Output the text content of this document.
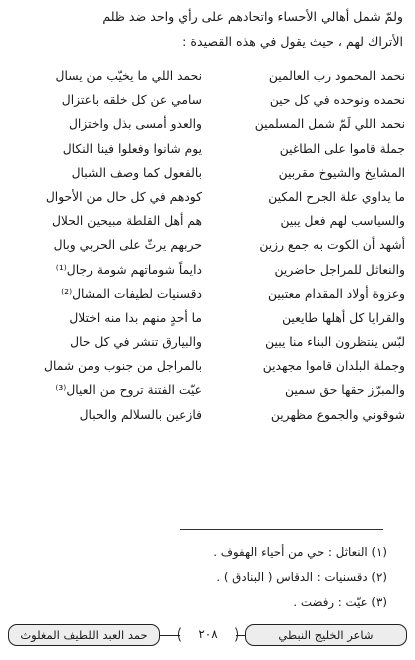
ولمّ شمل أهالي الأحساء واتحادهم على رأي واحد ضد ظلم
الأتراك لهم ، حيث يقول في هذه القصيدة :
نحمد المحمود رب العالمين
نحمد اللي ما يخيّب من يسال
نحمده ونوحده في كل حين
سامي عن كل خلقه باعتزال
نحمد اللي لَمّ شمل المسلمين
والعدو أمسى بذل واختزال
جملة قاموا على الطاغين
يوم شانوا وفعلوا فينا النكال
المشايخ والشيوخ مقربين
بالفعول كما وصف الشبال
ما يداوي علة الجرح المكين
كودهم في كل حال من الأحوال
والسياسب لهم فعل يبين
هم أهل القلطة مبيحين الحلال
أشهد أن الكوت به جمع رزين
حربهم يرثّ على الحربي وبال
والنعاثل للمراجل حاضرين
دايماً شوماتهم شومة رجال⁽¹⁾
وعزوة أولاد المقدام معتبين
دقسنيات لطيفات المشال⁽²⁾
والقرايا كل أهلها طايعين
ما أحدٍ منهم بدا منه اختلال
لبّس ينتظرون البناء منا يبين
والبيارق تنشر في كل حال
وجملة البلدان قاموا مجهدين
بالمراجل من جنوب ومن شمال
والمبرّز حقها حق سمين
عيّت الفتنة تروح من العيال⁽³⁾
شوقوني والجموع مظهرين
فازعين بالسلالم والحبال
(١) النعاثل : حي من أحياء الهفوف .
(٢) دقسنيات : الدقاس ( البنادق ) .
(٣) عيّت : رفضت .
شاعر الخليج النبطي
٢٠٨
حمد العبد اللطيف المغلوث
